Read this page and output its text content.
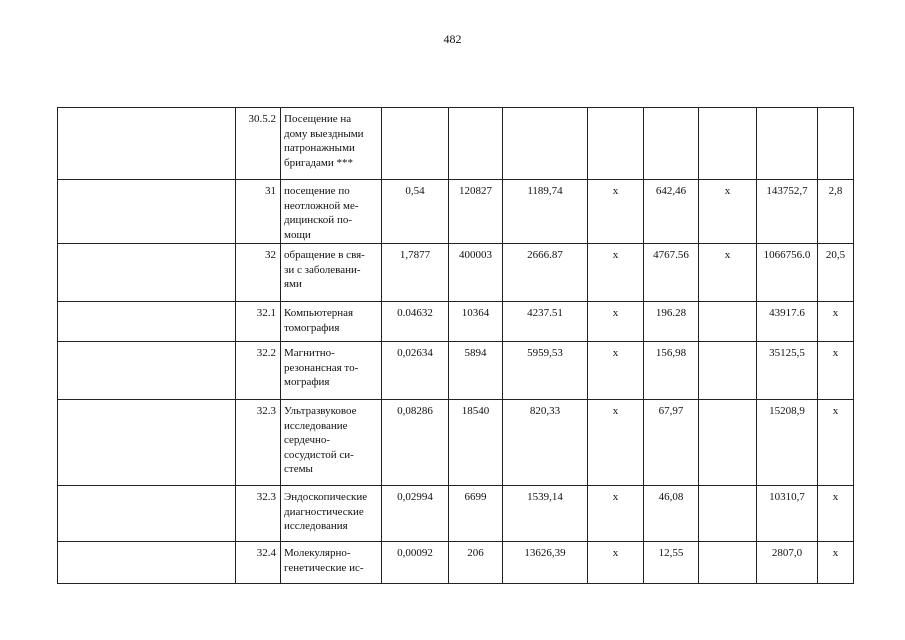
482
	30.5.2	Посещение на
дому выездными
патронажными
бригадами ***								
	31	посещение по
неотложной ме-
дицинской по-
мощи	0,54	120827	1189,74	х	642,46	х	143752,7	2,8
	32	обращение в свя-
зи с заболевани-
ями	1,7877	400003	2666.87	х	4767.56	х	1066756.0	20,5
	32.1	Компьютерная
томография	0.04632	10364	4237.51	х	196.28		43917.6	х
	32.2	Магнитно-
резонансная то-
мография	0,02634	5894	5959,53	х	156,98		35125,5	х
	32.3	Ультразвуковое
исследование
сердечно-
сосудистой си-
стемы	0,08286	18540	820,33	х	67,97		15208,9	х
	32.3	Эндоскопические
диагностические
исследования	0,02994	6699	1539,14	х	46,08		10310,7	х
	32.4	Молекулярно-
генетические ис-	0,00092	206	13626,39	х	12,55		2807,0	х
